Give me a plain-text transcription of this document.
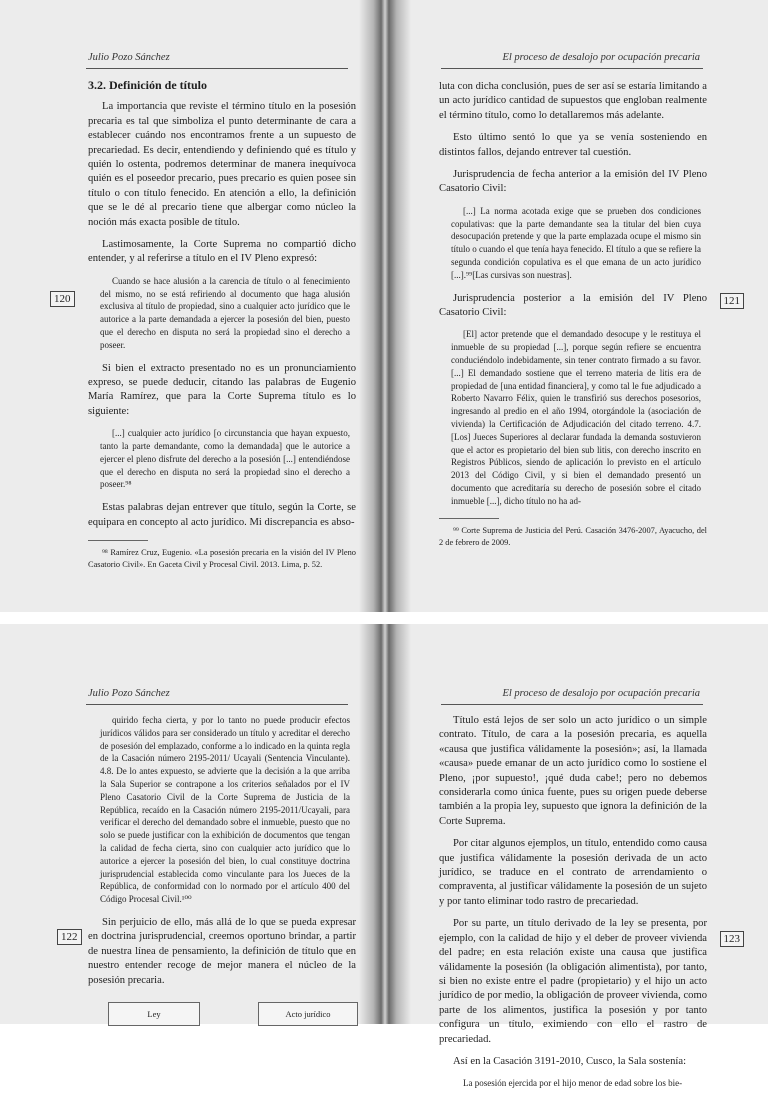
Julio Pozo Sánchez
120
3.2. Definición de título

La importancia que reviste el término título en la posesión precaria es tal que simboliza el punto determinante de cara a establecer cuándo nos encontramos frente a un supuesto de precariedad. Es decir, entendiendo y definiendo qué es título y quién lo ostenta, podremos determinar de manera inequívoca quién es el poseedor precario, pues precario es quien posee sin título o con título fenecido. En atención a ello, la definición que se le dé al precario tiene que albergar como núcleo la noción más exacta posible de título.

Lastimosamente, la Corte Suprema no compartió dicho entender, y al referirse a título en el IV Pleno expresó:

Cuando se hace alusión a la carencia de título o al fenecimiento del mismo, no se está refiriendo al documento que haga alusión exclusiva al título de propiedad, sino a cualquier acto jurídico que le autorice a la parte demandada a ejercer la posesión del bien, puesto que el derecho en disputa no será la propiedad sino el derecho a poseer.

Si bien el extracto presentado no es un pronunciamiento expreso, se puede deducir, citando las palabras de Eugenio María Ramírez, que para la Corte Suprema título es lo siguiente:

[...] cualquier acto jurídico [o circunstancia que hayan expuesto, tanto la parte demandante, como la demandada] que le autorice a ejercer el pleno disfrute del derecho a la posesión [...] entendiéndose que el derecho en disputa no será la propiedad sino el derecho a poseer.⁹⁸

Estas palabras dejan entrever que título, según la Corte, se equipara en concepto al acto jurídico. Mi discrepancia es abso-

⁹⁸ Ramírez Cruz, Eugenio. «La posesión precaria en la visión del IV Pleno Casatorio Civil». En Gaceta Civil y Procesal Civil. 2013. Lima, p. 52.

El proceso de desalojo por ocupación precaria
121

luta con dicha conclusión, pues de ser así se estaría limitando a un acto jurídico cantidad de supuestos que engloban realmente el término título, como lo detallaremos más adelante.

Esto último sentó lo que ya se venía sosteniendo en distintos fallos, dejando entrever tal cuestión.

Jurisprudencia de fecha anterior a la emisión del IV Pleno Casatorio Civil:

[...] La norma acotada exige que se prueben dos condiciones copulativas: que la parte demandante sea la titular del bien cuya desocupación pretende y que la parte emplazada ocupe el mismo sin título o cuando el que tenía haya fenecido. El título a que se refiere la segunda condición copulativa es el que emana de un acto jurídico [...].⁹⁹[Las cursivas son nuestras].

Jurisprudencia posterior a la emisión del IV Pleno Casatorio Civil:

[El] actor pretende que el demandado desocupe y le restituya el inmueble de su propiedad [...], porque según refiere se encuentra conduciéndolo indebidamente, sin tener contrato firmado a su favor. [...] El demandado sostiene que el terreno materia de litis era de propiedad de [una entidad financiera], y como tal le fue adjudicado a Roberto Navarro Félix, quien le transfirió sus derechos posesorios, ingresando al predio en el año 1994, otorgándole la (asociación de vivienda) la Certificación de Adjudicación del citado terreno. 4.7. [Los] Jueces Superiores al declarar fundada la demanda sostuvieron que el actor es propietario del bien sub litis, con derecho inscrito en Registros Públicos, siendo de aplicación lo previsto en el artículo 2013 del Código Civil, y si bien el demandado presentó un documento que acreditaría su derecho de posesión sobre el citado inmueble [...], dicho título no ha ad-

⁹⁹ Corte Suprema de Justicia del Perú. Casación 3476-2007, Ayacucho, del 2 de febrero de 2009.

Julio Pozo Sánchez
122

quirido fecha cierta, y por lo tanto no puede producir efectos jurídicos válidos para ser considerado un título y acreditar el derecho de posesión del emplazado, conforme a lo indicado en la quinta regla de la Casación número 2195-2011/ Ucayali (Sentencia Vinculante). 4.8. De lo antes expuesto, se advierte que la decisión a la que arriba la Sala Superior se contrapone a los criterios señalados por el IV Pleno Casatorio Civil de la Corte Suprema de Justicia de la República, recaído en la Casación número 2195-2011/Ucayali, para verificar el derecho del demandado sobre el inmueble, puesto que no solo se puede justificar con la exhibición de documentos que tengan la calidad de fecha cierta, sino con cualquier acto jurídico que lo autorice a ejercer la posesión del bien, lo cual constituye doctrina jurisprudencial establecida como vinculante para los Jueces de la República, de conformidad con lo normado por el artículo 400 del Código Procesal Civil.¹⁰⁰

Sin perjuicio de ello, más allá de lo que se pueda expresar en doctrina jurisprudencial, creemos oportuno brindar, a partir de nuestra línea de pensamiento, la definición de título que en nuestro entender recoge de mejor manera el núcleo de la posesión precaria.

Ley	Acto jurídico
El proceso de desalojo por ocupación precaria
123

Título está lejos de ser solo un acto jurídico o un simple contrato. Título, de cara a la posesión precaria, es aquella «causa que justifica válidamente la posesión»; así, la llamada «causa» puede emanar de un acto jurídico como lo sostiene el Pleno, ¡por supuesto!, ¡qué duda cabe!; pero no debemos considerarla como única fuente, pues su origen puede deberse también a la propia ley, supuesto que ignora la definición de la Corte Suprema.

Por citar algunos ejemplos, un título, entendido como causa que justifica válidamente la posesión derivada de un acto jurídico, se traduce en el contrato de arrendamiento o compraventa, al justificar válidamente la posesión de un sujeto y por tanto eliminar todo rastro de precariedad.

Por su parte, un título derivado de la ley se presenta, por ejemplo, con la calidad de hijo y el deber de proveer vivienda del padre; en esta relación existe una causa que justifica válidamente la posesión (la obligación alimentista), por tanto, si bien no existe entre el padre (propietario) y el hijo un acto jurídico de por medio, la obligación de proveer vivienda, como parte de los alimentos, justifica la posesión y por tanto configura un título, eximiendo con ello el rastro de precariedad.

Así en la Casación 3191-2010, Cusco, la Sala sostenía:

La posesión ejercida por el hijo menor de edad sobre los bie-
